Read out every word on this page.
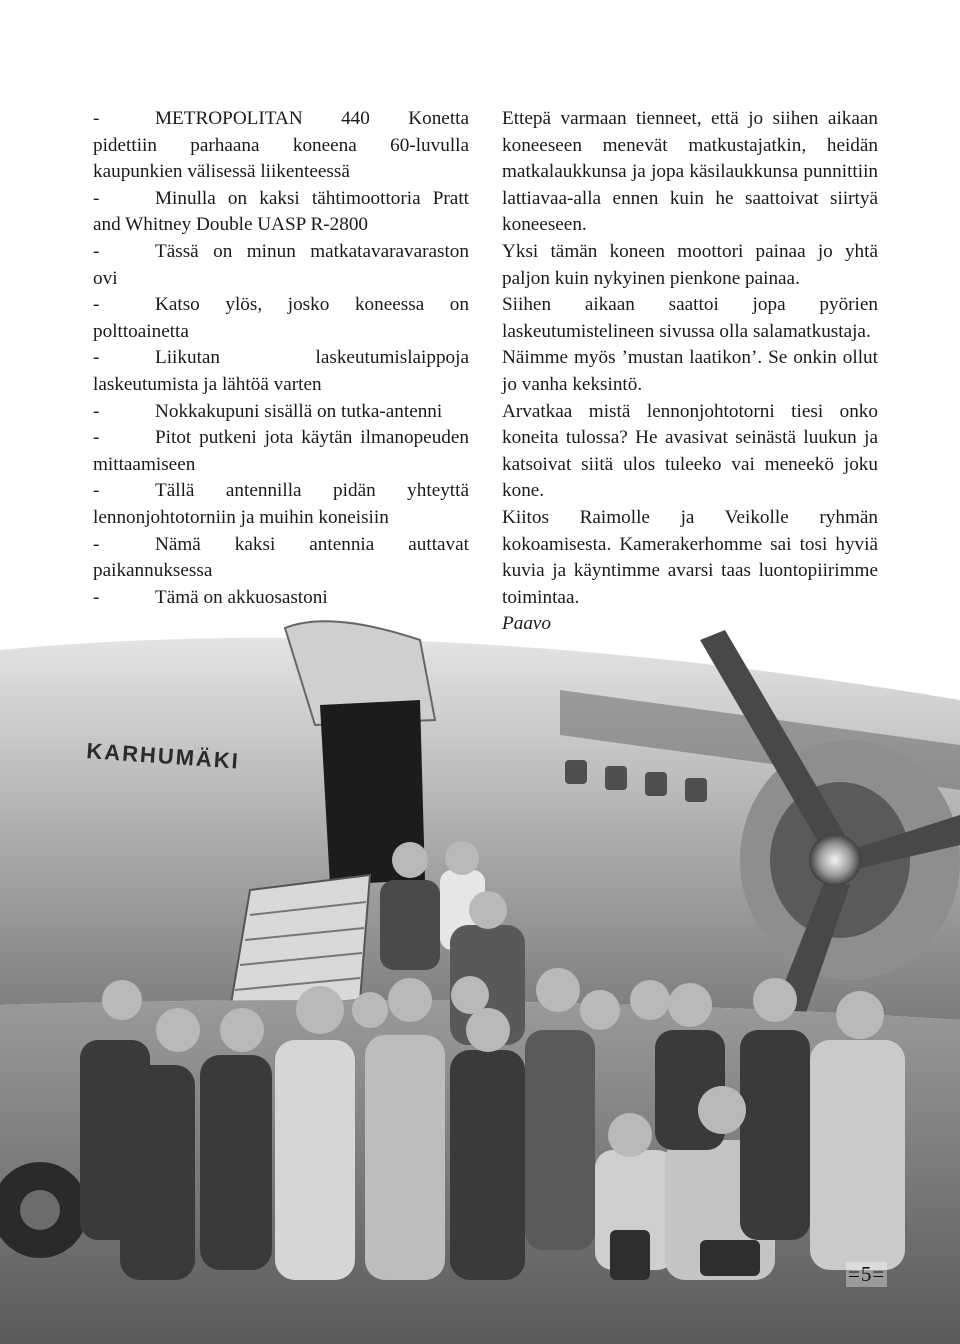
KARHUMÄKI

-	METROPOLITAN 440 Konetta pidettiin parhaana koneena 60-luvulla kaupunkien välisessä liikenteessä

-	Minulla on kaksi tähtimoottoria Pratt and Whitney Double UASP R-2800

-	Tässä on minun matkatavaravaraston ovi

-	Katso ylös, josko koneessa on polttoainetta

-	Liikutan laskeutumislaippoja laskeutumista ja lähtöä varten

-	Nokkakupuni sisällä on tutka-antenni

-	Pitot putkeni jota käytän ilmanopeuden mittaamiseen

-	Tällä antennilla pidän yhteyttä lennonjohtotorniin ja muihin koneisiin

-	Nämä kaksi antennia auttavat paikannuksessa

-	Tämä on akkuosastoni

Ettepä varmaan tienneet, että jo siihen aikaan koneeseen menevät matkustajatkin, heidän matkalaukkunsa ja jopa käsilaukkunsa punnittiin lattiavaa-alla ennen kuin he saattoivat siirtyä koneeseen.

Yksi tämän koneen moottori painaa jo yhtä paljon kuin nykyinen pienkone painaa.

Siihen aikaan saattoi jopa pyörien laskeutumistelineen sivussa olla salamatkustaja.

Näimme myös ’mustan laatikon’. Se onkin ollut jo vanha keksintö.

Arvatkaa mistä lennonjohtotorni tiesi onko koneita tulossa? He avasivat seinästä luukun ja katsoivat siitä ulos tuleeko vai meneekö joku kone.

Kiitos Raimolle ja Veikolle ryhmän kokoamisesta. Kamerakerhomme sai tosi hyviä kuvia ja käyntimme avarsi taas luontopiirimme toimintaa.

Paavo

=5=
